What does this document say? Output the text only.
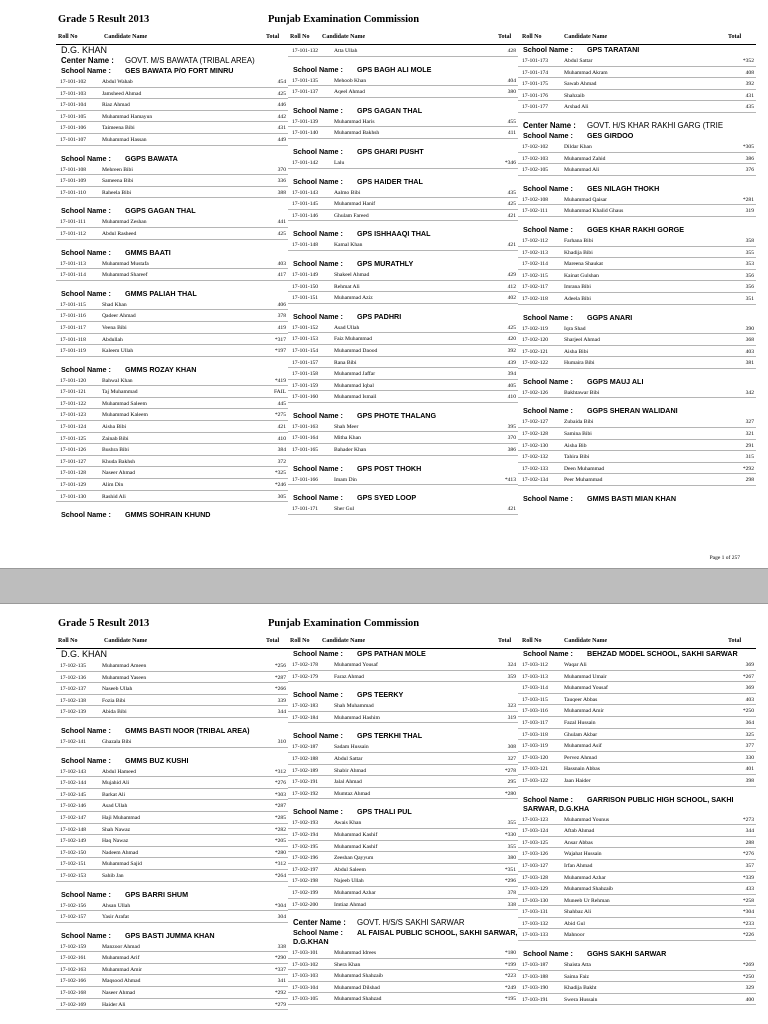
Grade 5 Result 2013	Punjab Examination Commission
Roll No	Candidate Name	Total Roll No Candidate Name	Total Roll No	Candidate Name	Total
D.G. KHAN
Center Name : GOVT. M/S BAWATA (TRIBAL AREA)
School Name : GES BAWATA P/O FORT MINRU
17-101-102	Abdul Wahab	454
17-101-103	Jamsheed Ahmad	425
17-101-104	Riaz Ahmad	446
17-101-105	Muhammad Hamayun	442
17-101-106	Taimeena Bibi	431
17-101-107	Muhammad Hassan	449
School Name : GGPS BAWATA
17-101-108	Mehreen Bibi	370
17-101-109	Sameena Bibi	336
17-101-110	Raheela Bibi	388
School Name : GGPS GAGAN THAL
17-101-111	Muhammad Zeshan	441
17-101-112	Abdul Rasheed	425
School Name : GMMS BAATI
17-101-113	Muhammad Mustafa	403
17-101-114	Muhammad Shareef	417
School Name : GMMS PALIAH THAL
17-101-115	Shad Khan	406
17-101-116	Qadeer Ahmad	378
17-101-117	Veena Bibi	419
17-101-118	Abdullah	*317
17-101-119	Kaleem Ullah	*197
School Name : GMMS ROZAY KHAN
17-101-120	Bahwal Khan	*419
17-101-121	Taj Muhammad	FAIL
17-101-122	Muhammad Saleem	445
17-101-123	Muhammad Kaleem	*275
17-101-124	Aisha Bibi	421
17-101-125	Zainab Bibi	410
17-101-126	Bushra Bibi	384
17-101-127	Khuda Bakhsh	372
17-101-128	Naseer Ahmad	*325
17-101-129	Alim Din	*246
17-101-130	Rashid Ali	305
School Name : GMMS SOHRAIN KHUND
17-101-132	Atta Ullah	428
School Name : GPS BAGH ALI MOLE
17-101-135	Mehoob Khan	404
17-101-137	Aqeel Ahmad	380
School Name : GPS GAGAN THAL
17-101-139	Muhammad Haris	455
17-101-140	Muhammad Bakhsh	411
School Name : GPS GHARI PUSHT
17-101-142	Lalu	*346
School Name : GPS HAIDER THAL
17-101-143	Aalmo Bibi	435
17-101-145	Muhammad Hanif	425
17-101-146	Ghulam Fareed	421
School Name : GPS ISHHAAQI THAL
17-101-148	Kamal Khan	421
School Name : GPS MURATHLY
17-101-149	Shakeel Ahmad	429
17-101-150	Rehmat Ali	412
17-101-151	Muhammad Aziz	402
School Name : GPS PADHRI
17-101-152	Asad Ullah	425
17-101-153	Faiz Muhammad	420
17-101-154	Muhammad Daood	392
17-101-157	Rana Bibi	439
17-101-158	Muhammad Jaffar	394
17-101-159	Muhammad Iqbal	405
17-101-160	Muhammad Ismail	410
School Name : GPS PHOTE THALANG
17-101-163	Shah Meer	395
17-101-164	Mitha Khan	370
17-101-165	Bahader Khan	386
School Name : GPS POST THOKH
17-101-166	Imam Din	*413
School Name : GPS SYED LOOP
17-101-171	Sher Gul	421
School Name : GPS TARATANI
17-101-173	Abdul Sattar	*352
17-101-174	Muhammad Akram	408
17-101-175	Sawab Ahmad	392
17-101-176	Shahzaib	431
17-101-177	Arshad Ali	435
Center Name : GOVT. H/S KHAR RAKHI GARG (TRIE
School Name : GES GIRDOO
17-102-102	Dildar Khan	*305
17-102-103	Muhammad Zahid	386
17-102-105	Muhammad Ali	376
School Name : GES NILAGH THOKH
17-102-108	Muhammad Qaisar	*281
17-102-111	Muhammad Khalid Ghaus	319
School Name : GGES KHAR RAKHI GORGE
17-102-112	Farhana Bibi	358
17-102-113	Khadija Bibi	355
17-102-114	Mareena Shaukat	353
17-102-115	Kainat Gulshan	356
17-102-117	Imrana Bibi	356
17-102-118	Adeela Bibi	351
School Name : GGPS ANARI
17-102-119	Iqra Shad	390
17-102-120	Sharjeel Ahmad	368
17-102-121	Aisha Bibi	403
17-102-122	Humaira Bibi	381
School Name : GGPS MAUJ ALI
17-102-126	Bakhtawar Bibi	342
School Name : GGPS SHERAN WALIDANI
17-102-127	Zubaida Bibi	327
17-102-128	Samina Bibi	321
17-102-130	Aisha Bib	291
17-102-132	Tahira Bibi	315
17-102-133	Deen Muhammad	*292
17-102-134	Peer Muhammad	298
School Name : GMMS BASTI MIAN KHAN
Page 1 of 257
Grade 5 Result 2013	Punjab Examination Commission
Roll No	Candidate Name	Total Roll No Candidate Name	Total Roll No	Candidate Name	Total
D.G. KHAN
17-102-135	Muhammad Ameen	*256
17-102-136	Muhammad Yaseen	*287
17-102-137	Naseeb Ullah	*266
17-102-138	Fozia Bibi	339
17-102-139	Abida Bibi	344
School Name : GMMS BASTI NOOR (TRIBAL AREA)
17-102-141	Ghazala Bibi	310
School Name : GMMS BUZ KUSHI
17-102-143	Abdul Hameed	*312
17-102-144	Mujahid Ali	*276
17-102-145	Barkat Ali	*303
17-102-146	Asad Ullah	*287
17-102-147	Haji Muhammad	*285
17-102-148	Shah Nawaz	*282
17-102-149	Haq Nawaz	*205
17-102-150	Nadeem Ahmad	*280
17-102-151	Muhammad Sajid	*312
17-102-153	Sahib Jan	*264
School Name : GPS BARRI SHUM
17-102-156	Ahsan Ullah	*304
17-102-157	Yasir Arafat	304
School Name : GPS BASTI JUMMA KHAN
17-102-159	Manzoor Ahmad	338
17-102-161	Muhammad Arif	*290
17-102-163	Muhammad Amir	*337
17-102-166	Maqsood Ahmad	341
17-102-168	Naseer Ahmad	*292
17-102-169	Haider Ali	*279
School Name : GPS PATHAN MOLE
17-102-178	Muhammad Yousaf	324
17-102-179	Faraz Ahmad	359
School Name : GPS TEERKY
17-102-183	Shah Muhammad	323
17-102-184	Muhammad Hashim	319
School Name : GPS TERKHI THAL
17-102-187	Sadam Hussain	308
17-102-188	Abdul Sattar	327
17-102-189	Shabir Ahmad	*278
17-102-191	Jalal Ahmad	295
17-102-192	Mumtaz Ahmad	*280
School Name : GPS THALI PUL
17-102-193	Awais Khan	355
17-102-194	Muhammad Kashif	*330
17-102-195	Muhammad Kashif	355
17-102-196	Zeeshan Qayyum	380
17-102-197	Abdul Saleem	*351
17-102-198	Najeeb Ullah	*296
17-102-199	Muhammad Azhar	378
17-102-200	Imtiaz Ahmad	338
Center Name : GOVT. H/S/S SAKHI SARWAR
School Name : AL FAISAL PUBLIC SCHOOL, SAKHI SARWAR, D.G.KHAN
17-103-101	Muhammad Idrees	*180
17-103-102	Shera Khan	*199
17-103-103	Muhammad Shahzaib	*223
17-103-104	Muhammad Dilshad	*249
17-103-105	Muhammad Shahzad	*195
School Name : BEHZAD MODEL SCHOOL, SAKHI SARWAR
17-103-112	Waqar Ali	369
17-103-113	Muhammad Umair	*267
17-103-114	Muhammad Yousaf	369
17-103-115	Tauqeer Abbas	403
17-103-116	Muhammad Amir	*250
17-103-117	Fazal Hussain	364
17-103-118	Ghulam Akbar	325
17-103-119	Muhammad Asif	377
17-103-120	Pervez Ahmad	330
17-103-121	Hassnain Abbas	401
17-103-122	Jaan Haider	398
School Name : GARRISON PUBLIC HIGH SCHOOL, SAKHI SARWAR, D.G.KHA
17-103-123	Muhammad Younus	*273
17-103-124	Aftab Ahmad	344
17-103-125	Ansar Abbas	288
17-103-126	Wajahat Hussain	*276
17-103-127	Irfan Ahmad	357
17-103-128	Muhammad Azhar	*339
17-103-129	Muhammad Shahzaib	433
17-103-130	Muneeb Ur Rehman	*258
17-103-131	Shahbaz Ali	*304
17-103-132	Abid Gul	*233
17-103-133	Mahnoor	*226
School Name : GGHS SAKHI SARWAR
17-103-187	Shaista Atta	*269
17-103-188	Saima Faiz	*250
17-103-190	Khadija Bakht	329
17-103-191	Swera Hussain	400
